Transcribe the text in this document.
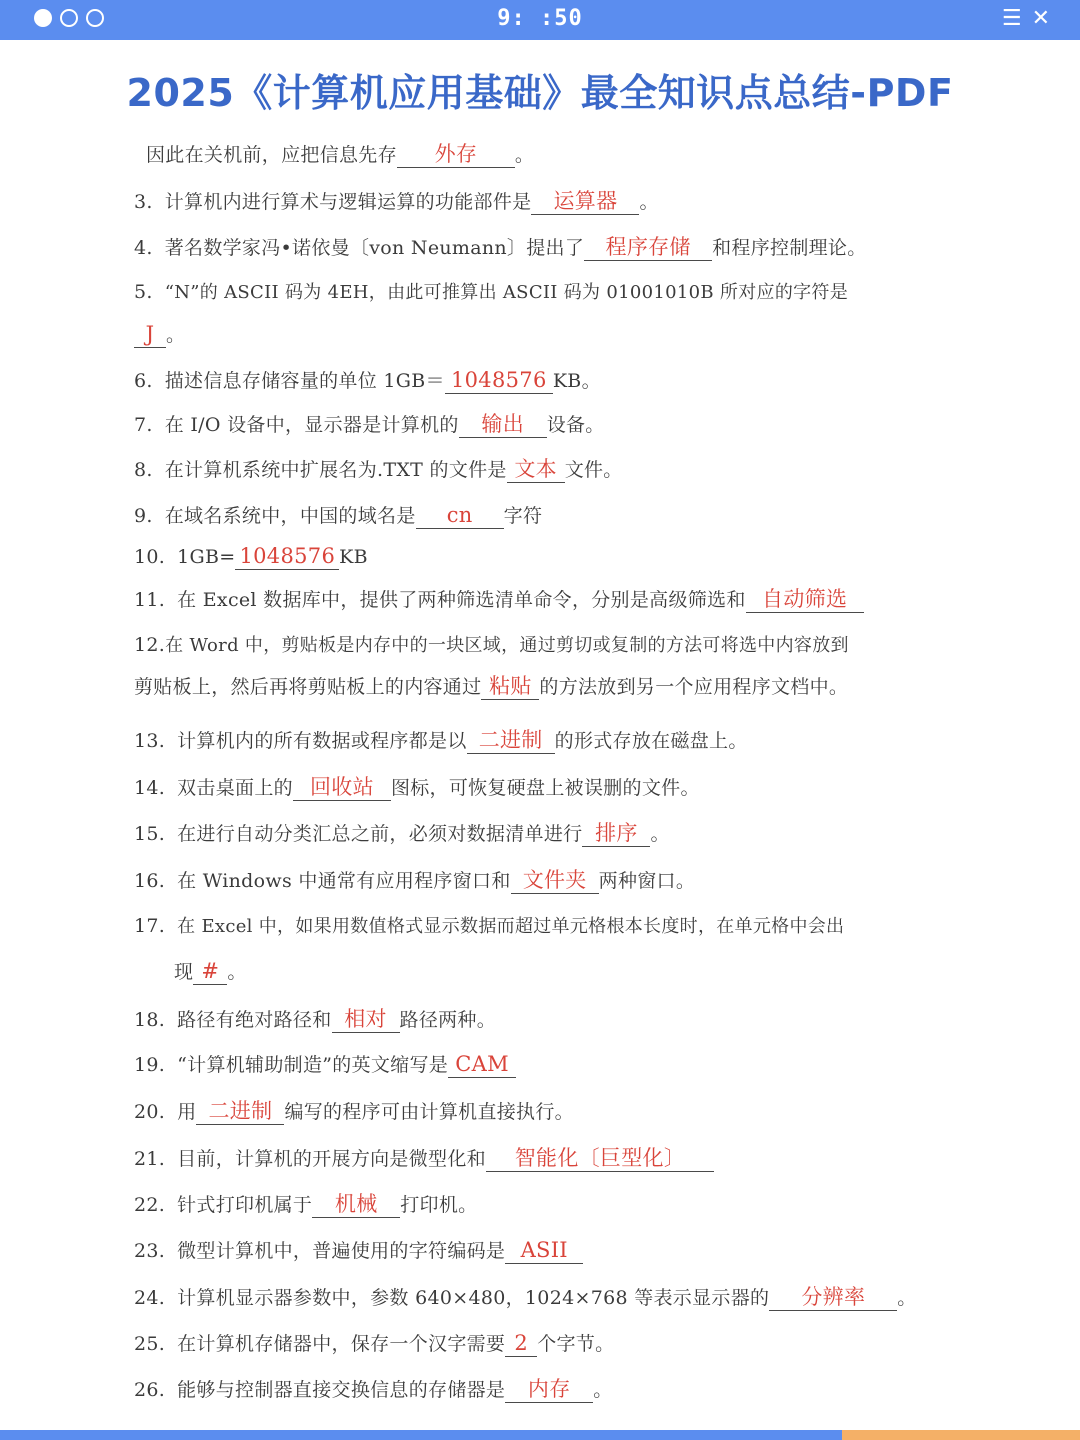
9: :50	☰ ✕
2025《计算机应用基础》最全知识点总结-PDF
因此在关机前，应把信息先存 外存 。
3. 计算机内进行算术与逻辑运算的功能部件是 运算器 。
4. 著名数学家冯•诺依曼〔von Neumann〕提出了 程序存储 和程序控制理论。
5. “N”的 ASCII 码为 4EH，由此可推算出 ASCII 码为 01001010B 所对应的字符是
J 。
6. 描述信息存储容量的单位 1GB＝ 1048576 KB。
7. 在 I/O 设备中，显示器是计算机的 输出 设备。
8. 在计算机系统中扩展名为.TXT 的文件是 文本 文件。
9. 在域名系统中，中国的域名是 cn 字符
10. 1GB= 1048576 KB
11. 在 Excel 数据库中，提供了两种筛选清单命令，分别是高级筛选和 自动筛选
12.在 Word 中，剪贴板是内存中的一块区域，通过剪切或复制的方法可将选中内容放到
剪贴板上，然后再将剪贴板上的内容通过 粘贴 的方法放到另一个应用程序文档中。
13. 计算机内的所有数据或程序都是以 二进制 的形式存放在磁盘上。
14. 双击桌面上的 回收站 图标，可恢复硬盘上被误删的文件。
15. 在进行自动分类汇总之前，必须对数据清单进行 排序 。
16. 在 Windows 中通常有应用程序窗口和 文件夹 两种窗口。
17. 在 Excel 中，如果用数值格式显示数据而超过单元格根本长度时，在单元格中会出
现 # 。
18. 路径有绝对路径和 相对 路径两种。
19. “计算机辅助制造”的英文缩写是 CAM
20. 用 二进制 编写的程序可由计算机直接执行。
21. 目前，计算机的开展方向是微型化和 智能化〔巨型化〕
22. 针式打印机属于 机械 打印机。
23. 微型计算机中，普遍使用的字符编码是 ASII
24. 计算机显示器参数中，参数 640×480，1024×768 等表示显示器的 分辨率 。
25. 在计算机存储器中，保存一个汉字需要 2 个字节。
26. 能够与控制器直接交换信息的存储器是 内存 。
